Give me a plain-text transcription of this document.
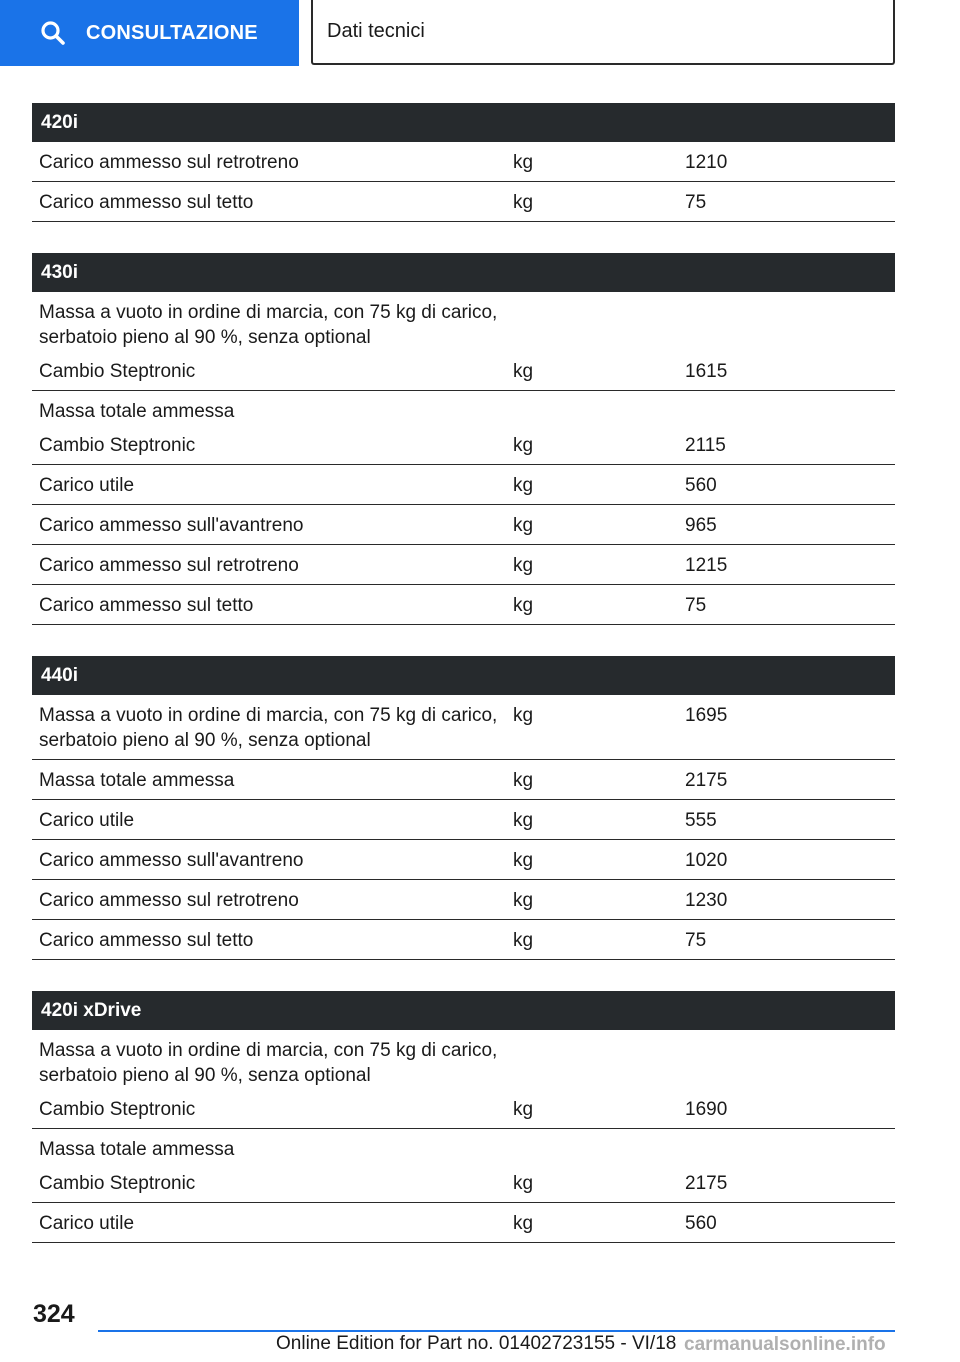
CONSULTAZIONE	Dati tecnici
420i		
Carico ammesso sul retrotreno	kg	1210
Carico ammesso sul tetto	kg	75
430i		
Massa a vuoto in ordine di marcia, con 75 kg di carico, serbatoio pieno al 90 %, senza optional		
Cambio Steptronic	kg	1615
Massa totale ammessa		
Cambio Steptronic	kg	2115
Carico utile	kg	560
Carico ammesso sull'avantreno	kg	965
Carico ammesso sul retrotreno	kg	1215
Carico ammesso sul tetto	kg	75
440i		
Massa a vuoto in ordine di marcia, con 75 kg di carico, serbatoio pieno al 90 %, senza optional	kg	1695
Massa totale ammessa	kg	2175
Carico utile	kg	555
Carico ammesso sull'avantreno	kg	1020
Carico ammesso sul retrotreno	kg	1230
Carico ammesso sul tetto	kg	75
420i xDrive		
Massa a vuoto in ordine di marcia, con 75 kg di carico, serbatoio pieno al 90 %, senza optional		
Cambio Steptronic	kg	1690
Massa totale ammessa		
Cambio Steptronic	kg	2175
Carico utile	kg	560
324
Online Edition for Part no. 01402723155 - VI/18 carmanualsonline.info
